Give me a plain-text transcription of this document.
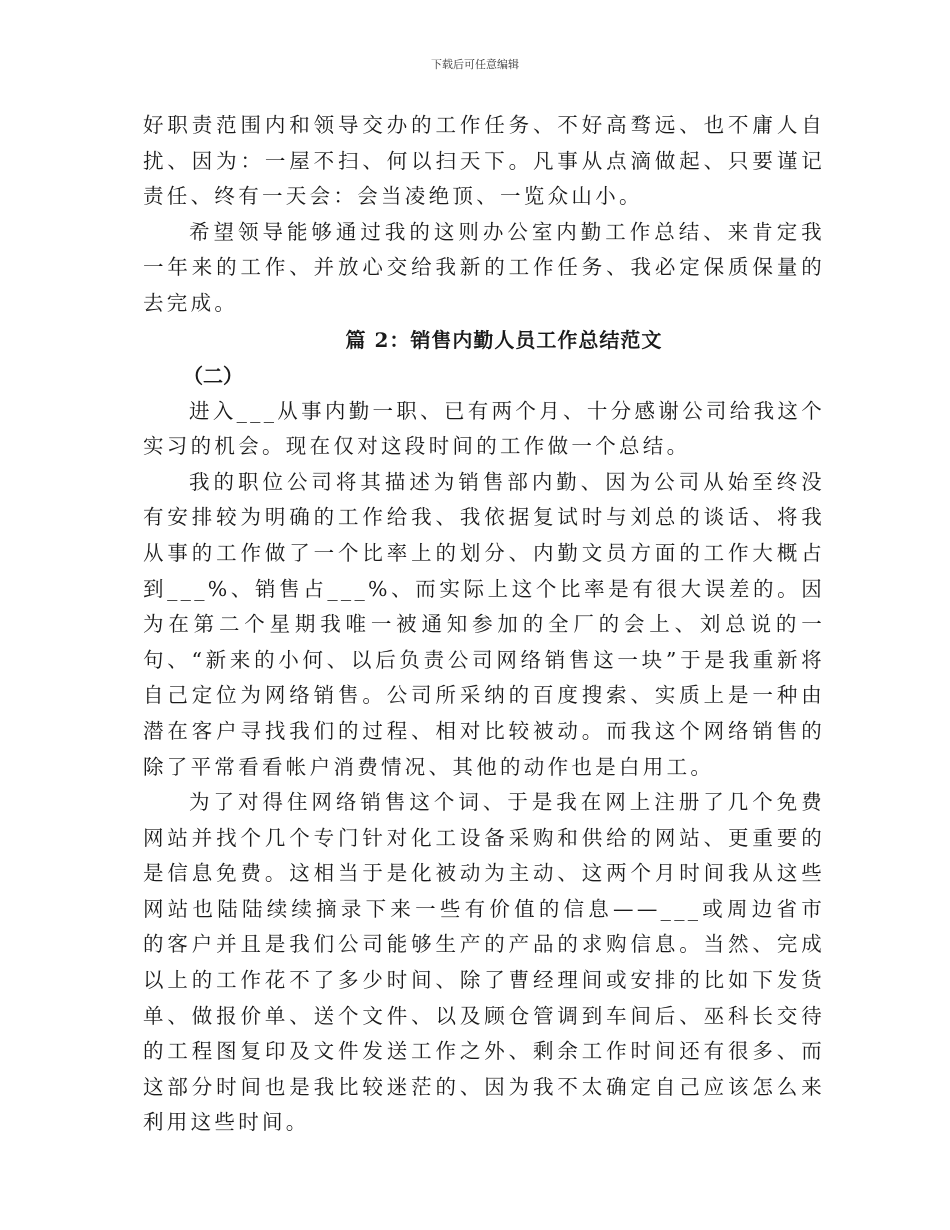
下载后可任意编辑

好职责范围内和领导交办的工作任务、不好高骛远、也不庸人自扰、因为：一屋不扫、何以扫天下。凡事从点滴做起、只要谨记责任、终有一天会：会当凌绝顶、一览众山小。

希望领导能够通过我的这则办公室内勤工作总结、来肯定我一年来的工作、并放心交给我新的工作任务、我必定保质保量的去完成。

篇 2：销售内勤人员工作总结范文

（二）

进入___从事内勤一职、已有两个月、十分感谢公司给我这个实习的机会。现在仅对这段时间的工作做一个总结。

我的职位公司将其描述为销售部内勤、因为公司从始至终没有安排较为明确的工作给我、我依据复试时与刘总的谈话、将我从事的工作做了一个比率上的划分、内勤文员方面的工作大概占到___%、销售占___%、而实际上这个比率是有很大误差的。因为在第二个星期我唯一被通知参加的全厂的会上、刘总说的一句、“新来的小何、以后负责公司网络销售这一块”于是我重新将自己定位为网络销售。公司所采纳的百度搜索、实质上是一种由潜在客户寻找我们的过程、相对比较被动。而我这个网络销售的除了平常看看帐户消费情况、其他的动作也是白用工。

为了对得住网络销售这个词、于是我在网上注册了几个免费网站并找个几个专门针对化工设备采购和供给的网站、更重要的是信息免费。这相当于是化被动为主动、这两个月时间我从这些网站也陆陆续续摘录下来一些有价值的信息——___或周边省市的客户并且是我们公司能够生产的产品的求购信息。当然、完成以上的工作花不了多少时间、除了曹经理间或安排的比如下发货单、做报价单、送个文件、以及顾仓管调到车间后、巫科长交待的工程图复印及文件发送工作之外、剩余工作时间还有很多、而这部分时间也是我比较迷茫的、因为我不太确定自己应该怎么来利用这些时间。
